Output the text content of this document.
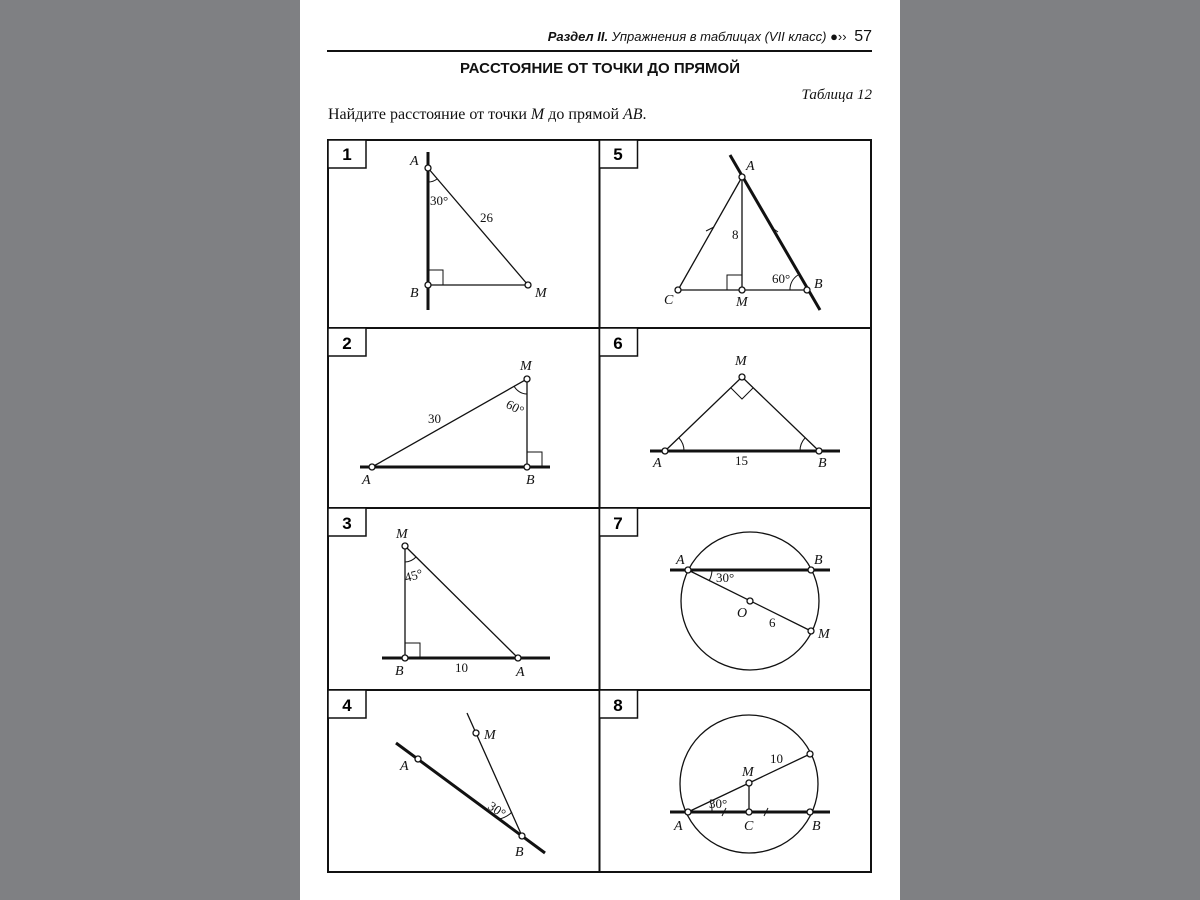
Раздел II. Упражнения в таблицах (VII класс) ●›› 57
РАССТОЯНИЕ ОТ ТОЧКИ ДО ПРЯМОЙ
Таблица 12
Найдите расстояние от точки M до прямой AB.
1
2
3
4
5
6
7
8
A
B	M
30°
26
A	B
M
60°
30
M
B	A
45°
10
A
B
M
30°
A
C	M
B
8
60°
A	B
M
15
A	B
O
M
30°
6
A	B
C
M
30°
10
